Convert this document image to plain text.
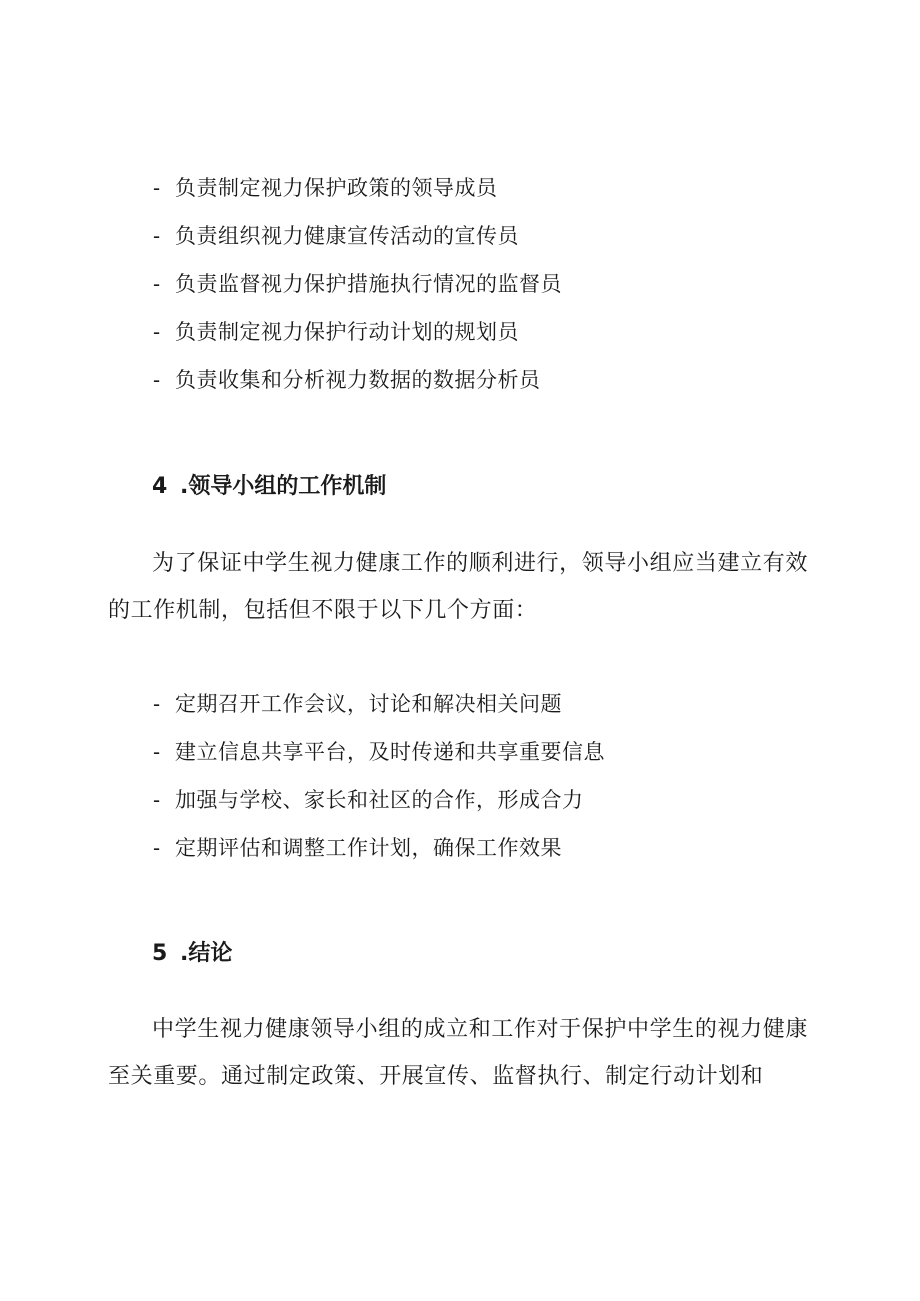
- 负责制定视力保护政策的领导成员
- 负责组织视力健康宣传活动的宣传员
- 负责监督视力保护措施执行情况的监督员
- 负责制定视力保护行动计划的规划员
- 负责收集和分析视力数据的数据分析员
4 .领导小组的工作机制

为了保证中学生视力健康工作的顺利进行，领导小组应当建立有效的工作机制，包括但不限于以下几个方面：

- 定期召开工作会议，讨论和解决相关问题
- 建立信息共享平台，及时传递和共享重要信息
- 加强与学校、家长和社区的合作，形成合力
- 定期评估和调整工作计划，确保工作效果
5 .结论

中学生视力健康领导小组的成立和工作对于保护中学生的视力健康至关重要。通过制定政策、开展宣传、监督执行、制定行动计划和
